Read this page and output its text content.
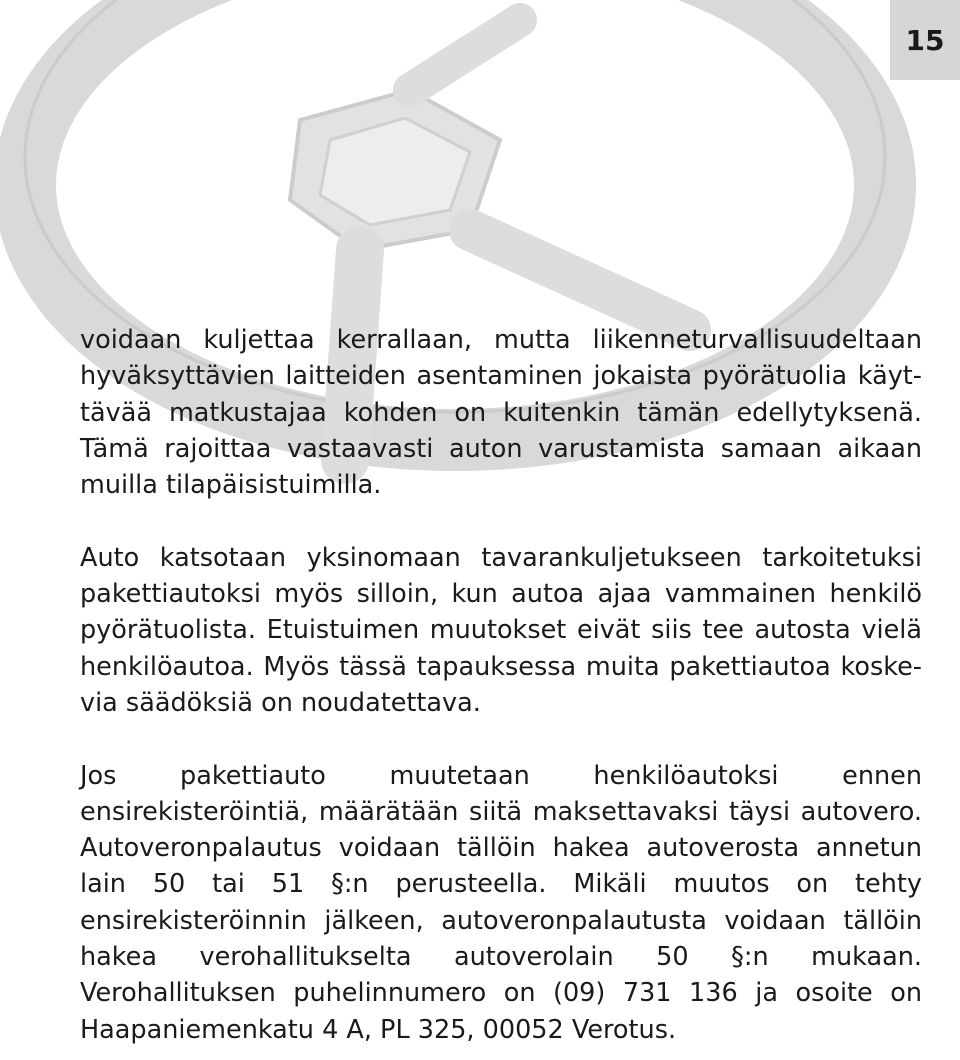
15

voidaan kuljettaa kerrallaan, mutta liikenneturvallisuudeltaan hyväksyttävien laitteiden asentaminen jokaista pyörätuolia käyttävää matkustajaa kohden on kuitenkin tämän edellytyksenä. Tämä rajoittaa vastaavasti auton varustamista samaan aikaan muilla tilapäisistuimilla.

Auto katsotaan yksinomaan tavarankuljetukseen tarkoitetuksi pakettiautoksi myös silloin, kun autoa ajaa vammainen henkilö pyörätuolista. Etuistuimen muutokset eivät siis tee autosta vielä henkilöautoa. Myös tässä tapauksessa muita pakettiautoa koskevia säädöksiä on noudatettava.

Jos pakettiauto muutetaan henkilöautoksi ennen ensirekisteröintiä, määrätään siitä maksettavaksi täysi autovero. Autoveronpalautus voidaan tällöin hakea autoverosta annetun lain 50 tai 51 §:n perusteella. Mikäli muutos on tehty ensirekisteröinnin jälkeen, autoveronpalautusta voidaan tällöin hakea verohallitukselta autoverolain 50 §:n mukaan. Verohallituksen puhelinnumero on (09) 731 136 ja osoite on Haapaniemenkatu 4 A, PL 325, 00052 Verotus.
